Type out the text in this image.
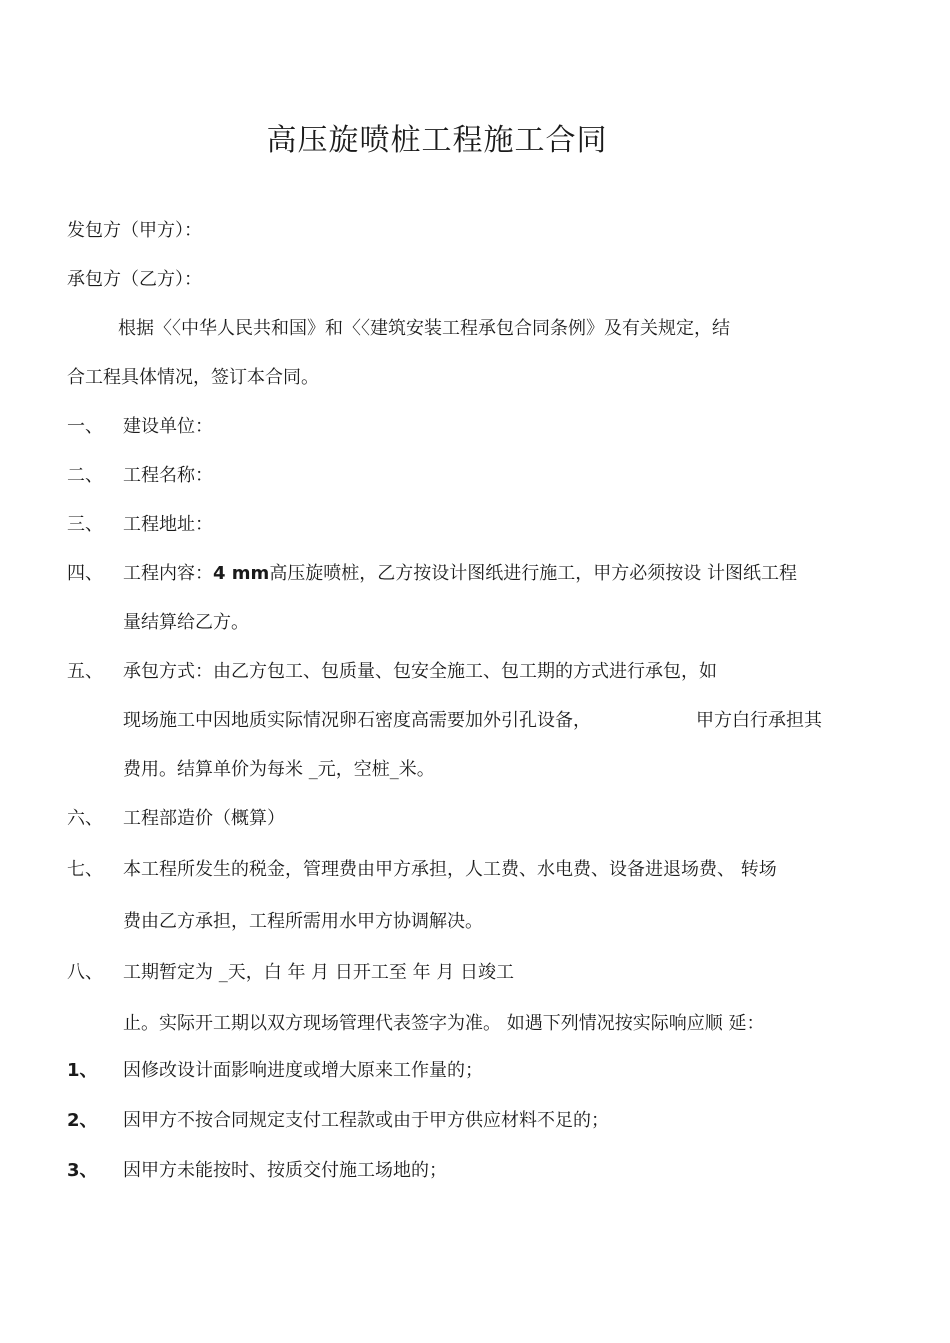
高压旋喷桩工程施工合同
发包方（甲方）：
承包方（乙方）：
根据〈〈中华人民共和国》和〈〈建筑安装工程承包合同条例》及有关规定，结
合工程具体情况，签订本合同。
一、 建设单位：
二、 工程名称：
三、 工程地址：
四、 工程内容：4 mm高压旋喷桩，乙方按设计图纸进行施工，甲方必须按设 计图纸工程
量结算给乙方。
五、 承包方式：由乙方包工、包质量、包安全施工、包工期的方式进行承包，如
现场施工中因地质实际情况卵石密度高需要加外引孔设备，	甲方白行承担其
费用。结算单价为每米 _元，空桩_米。
六、 工程部造价（概算）
七、 本工程所发生的税金，管理费由甲方承担，人工费、水电费、设备进退场费、 转场
费由乙方承担，工程所需用水甲方协调解决。
八、 工期暂定为 _天，白 年 月 日开工至 年 月 日竣工
止。实际开工期以双方现场管理代表签字为准。 如遇下列情况按实际响应顺 延：
1、 因修改设计面影响进度或增大原来工作量的；
2、 因甲方不按合同规定支付工程款或由于甲方供应材料不足的；
3、 因甲方未能按时、按质交付施工场地的；
